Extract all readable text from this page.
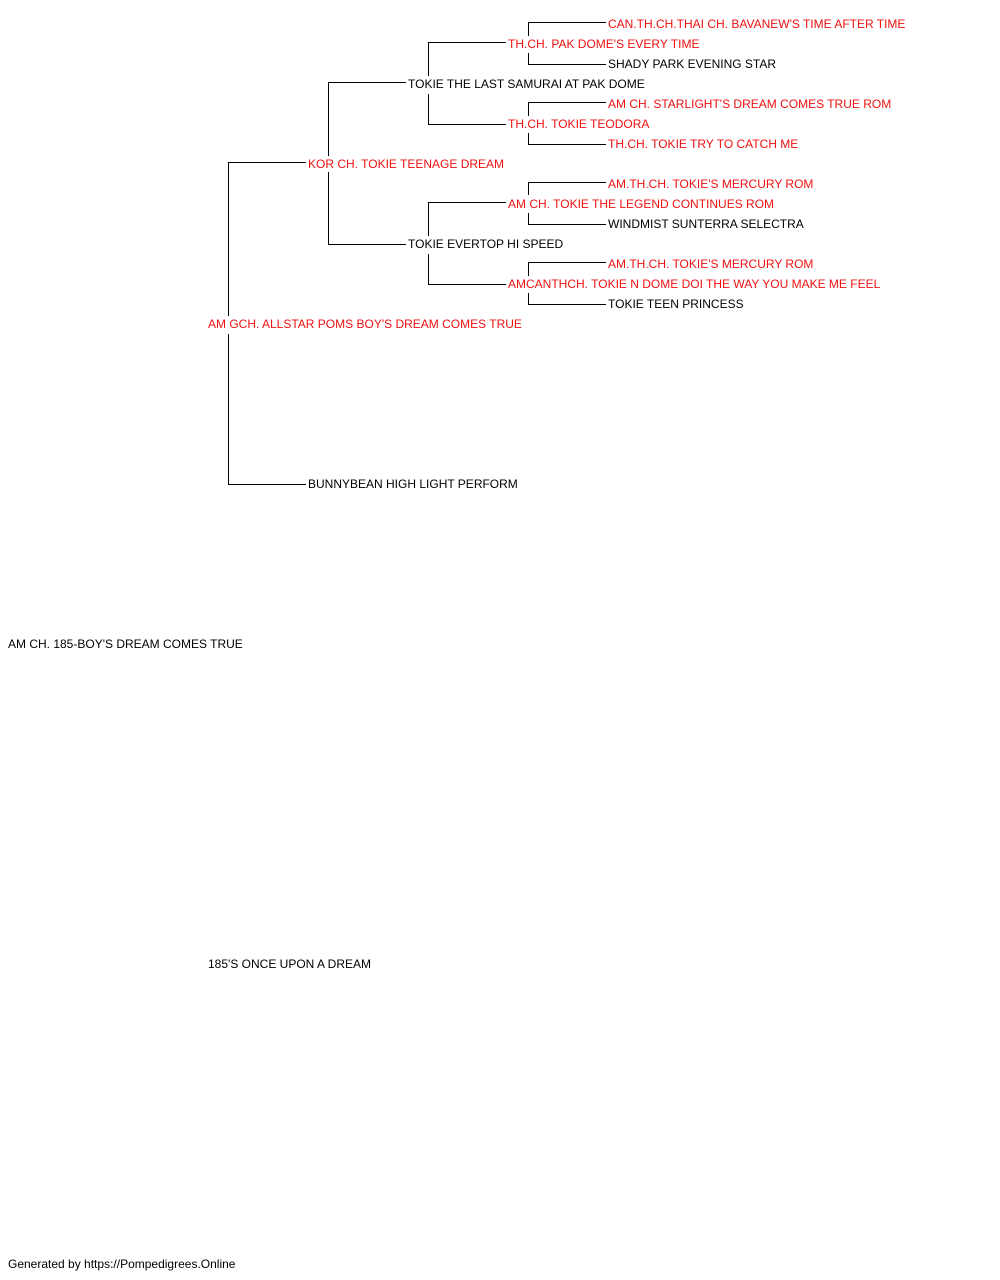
AM CH. 185-BOY'S DREAM COMES TRUE
AM GCH. ALLSTAR POMS BOY'S DREAM COMES TRUE
185'S ONCE UPON A DREAM
KOR CH. TOKIE TEENAGE DREAM
BUNNYBEAN HIGH LIGHT PERFORM
TOKIE THE LAST SAMURAI AT PAK DOME
TOKIE EVERTOP HI SPEED
TH.CH. PAK DOME'S EVERY TIME
TH.CH. TOKIE TEODORA
AM CH. TOKIE THE LEGEND CONTINUES ROM
AMCANTHCH. TOKIE N DOME DOI THE WAY YOU MAKE ME FEEL
CAN.TH.CH.THAI CH. BAVANEW'S TIME AFTER TIME
SHADY PARK EVENING STAR
AM CH. STARLIGHT'S DREAM COMES TRUE ROM
TH.CH. TOKIE TRY TO CATCH ME
AM.TH.CH. TOKIE'S MERCURY ROM
WINDMIST SUNTERRA SELECTRA
AM.TH.CH. TOKIE'S MERCURY ROM
TOKIE TEEN PRINCESS
Generated by https://Pompedigrees.Online
